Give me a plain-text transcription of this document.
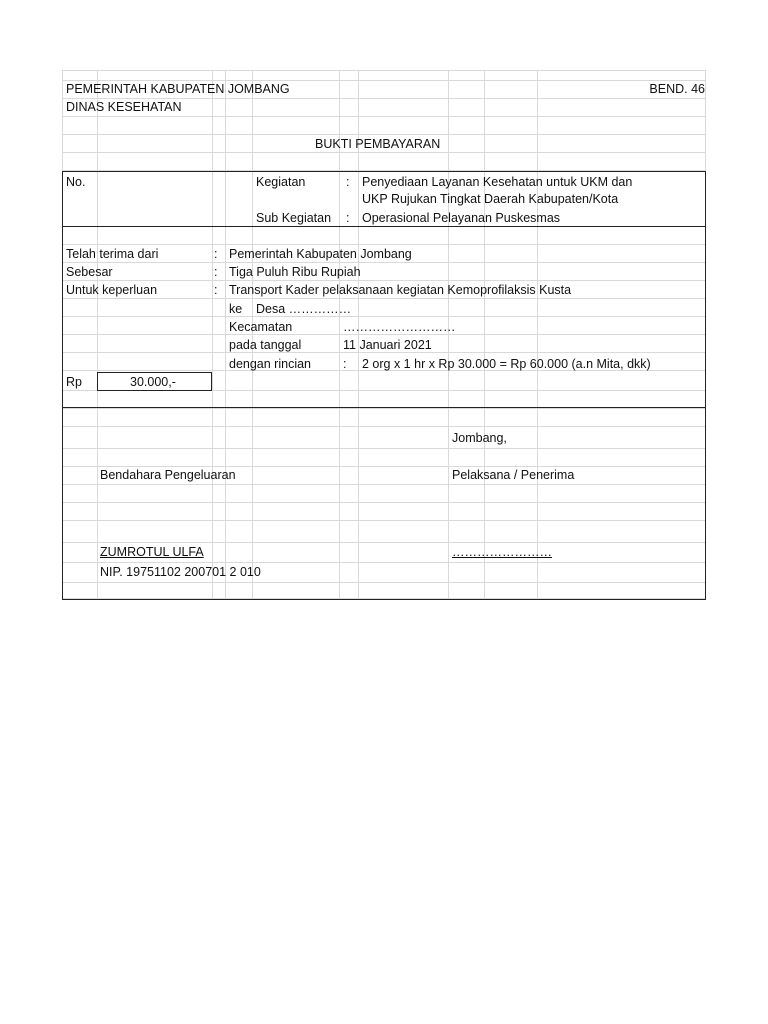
PEMERINTAH KABUPATEN JOMBANG	BEND. 46
DINAS KESEHATAN
BUKTI PEMBAYARAN
No.	Kegiatan	: Penyediaan Layanan Kesehatan untuk UKM dan
UKP Rujukan Tingkat Daerah Kabupaten/Kota
Sub Kegiatan : Operasional Pelayanan Puskesmas
Telah terima dari	: Pemerintah Kabupaten Jombang
Sebesar	: Tiga Puluh Ribu Rupiah
Untuk keperluan	: Transport Kader pelaksanaan kegiatan Kemoprofilaksis Kusta
ke Desa ……………
Kecamatan	………………………
pada tanggal	11 Januari 2021
dengan rincian	: 2 org x 1 hr x Rp 30.000 = Rp 60.000 (a.n Mita, dkk)
Rp	30.000,-
Jombang,
Bendahara Pengeluaran	Pelaksana / Penerima
ZUMROTUL ULFA	……………………
NIP. 19751102 200701 2 010
